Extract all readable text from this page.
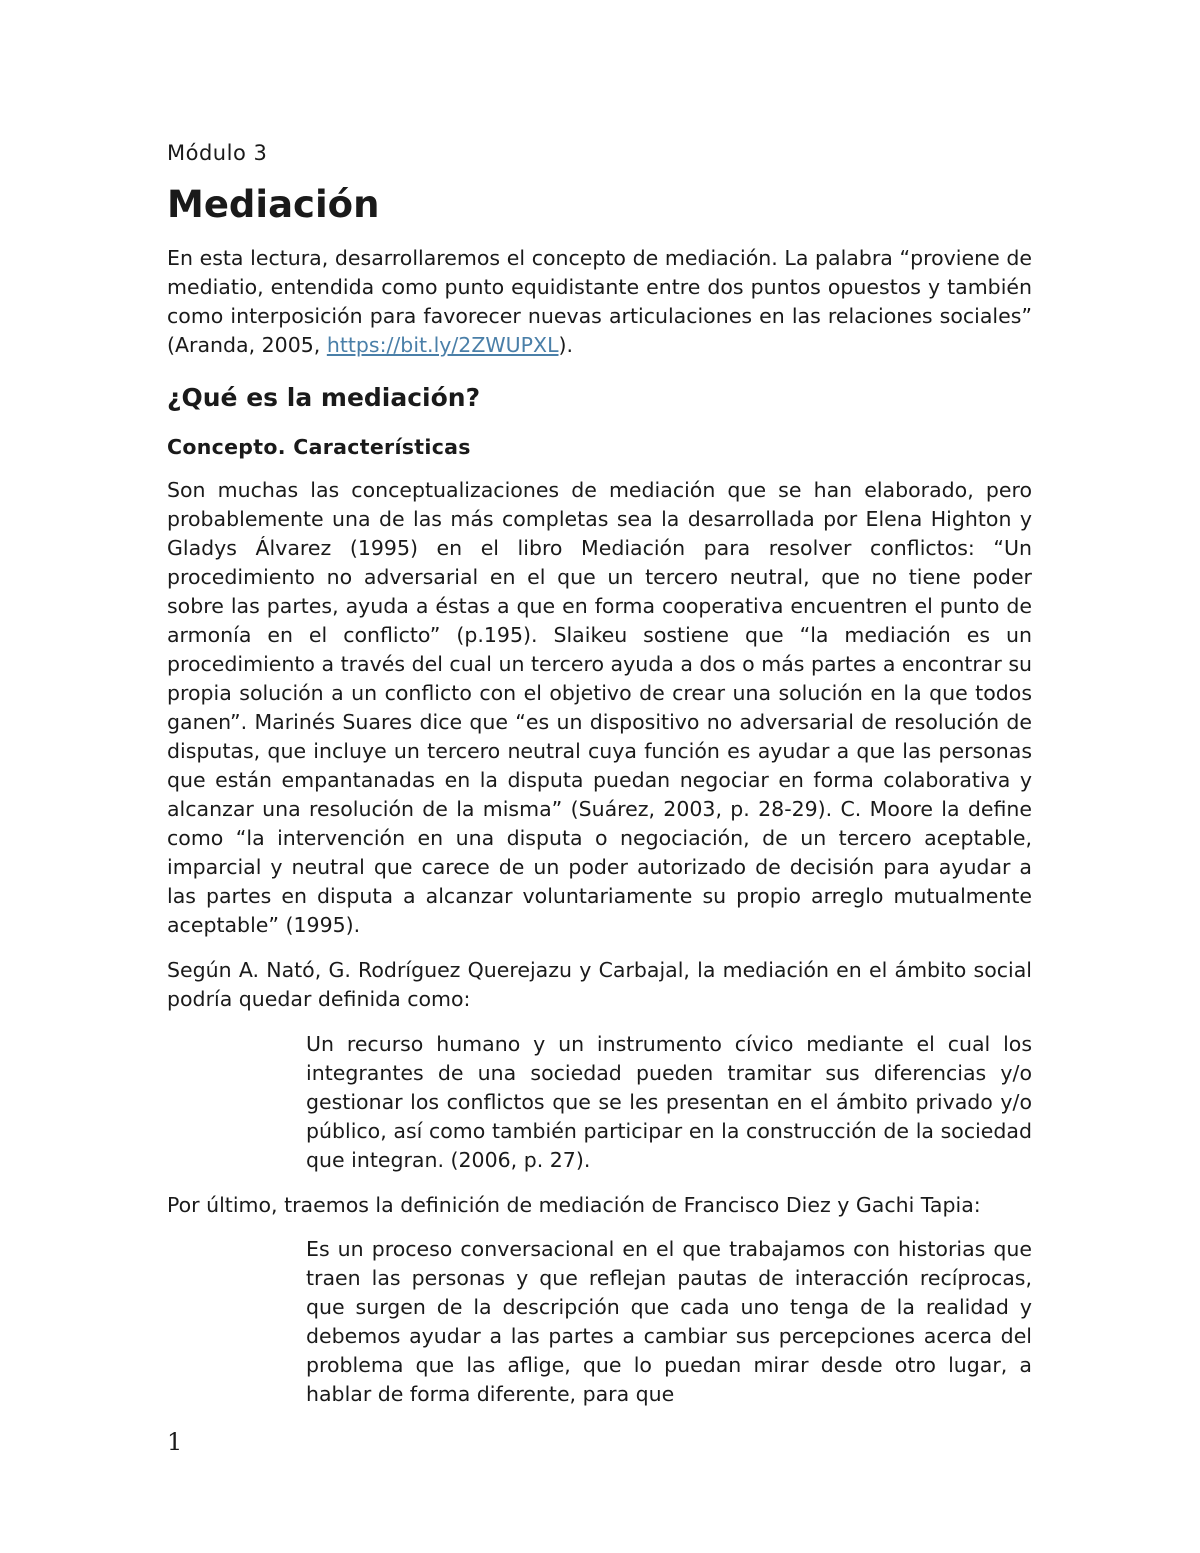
Módulo 3
Mediación

En esta lectura, desarrollaremos el concepto de mediación. La palabra “proviene de mediatio, entendida como punto equidistante entre dos puntos opuestos y también como interposición para favorecer nuevas articulaciones en las relaciones sociales” (Aranda, 2005, https://bit.ly/2ZWUPXL).

¿Qué es la mediación?
Concepto. Características

Son muchas las conceptualizaciones de mediación que se han elaborado, pero probablemente una de las más completas sea la desarrollada por Elena Highton y Gladys Álvarez (1995) en el libro Mediación para resolver conflictos: “Un procedimiento no adversarial en el que un tercero neutral, que no tiene poder sobre las partes, ayuda a éstas a que en forma cooperativa encuentren el punto de armonía en el conflicto” (p.195). Slaikeu sostiene que “la mediación es un procedimiento a través del cual un tercero ayuda a dos o más partes a encontrar su propia solución a un conflicto con el objetivo de crear una solución en la que todos ganen”. Marinés Suares dice que “es un dispositivo no adversarial de resolución de disputas, que incluye un tercero neutral cuya función es ayudar a que las personas que están empantanadas en la disputa puedan negociar en forma colaborativa y alcanzar una resolución de la misma” (Suárez, 2003, p. 28-29). C. Moore la define como “la intervención en una disputa o negociación, de un tercero aceptable, imparcial y neutral que carece de un poder autorizado de decisión para ayudar a las partes en disputa a alcanzar voluntariamente su propio arreglo mutualmente aceptable” (1995).

Según A. Nató, G. Rodríguez Querejazu y Carbajal, la mediación en el ámbito social podría quedar definida como:

Un recurso humano y un instrumento cívico mediante el cual los integrantes de una sociedad pueden tramitar sus diferencias y/o gestionar los conflictos que se les presentan en el ámbito privado y/o público, así como también participar en la construcción de la sociedad que integran. (2006, p. 27).

Por último, traemos la definición de mediación de Francisco Diez y Gachi Tapia:

Es un proceso conversacional en el que trabajamos con historias que traen las personas y que reflejan pautas de interacción recíprocas, que surgen de la descripción que cada uno tenga de la realidad y debemos ayudar a las partes a cambiar sus percepciones acerca del problema que las aflige, que lo puedan mirar desde otro lugar, a hablar de forma diferente, para que

1
